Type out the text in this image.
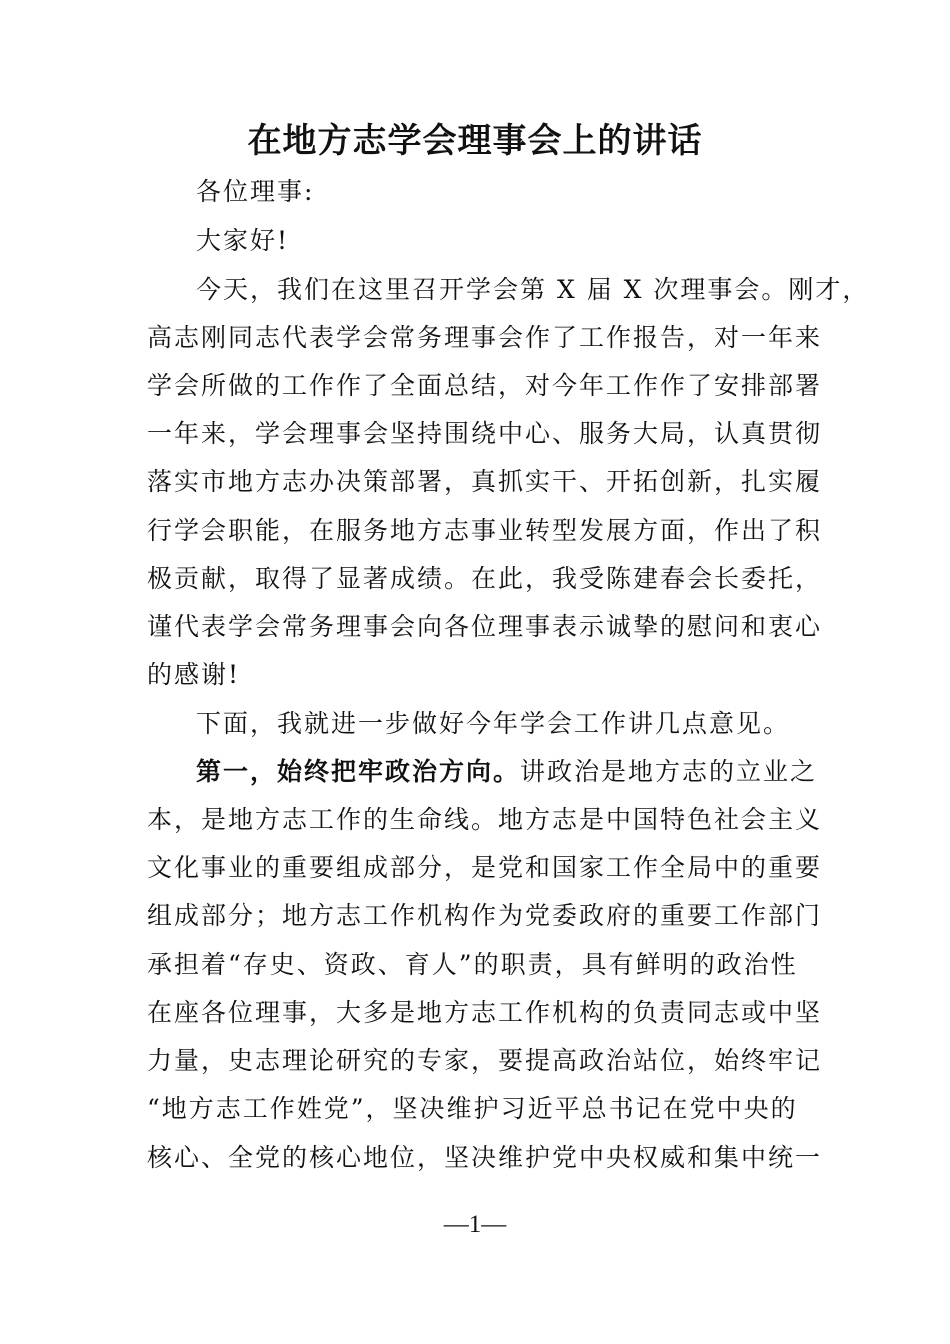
在地方志学会理事会上的讲话
各位理事:
大家好!
今天，我们在这里召开学会第 X 届 X 次理事会。刚才，
高志刚同志代表学会常务理事会作了工作报告，对一年来
学会所做的工作作了全面总结，对今年工作作了安排部署
一年来，学会理事会坚持围绕中心、服务大局，认真贯彻
落实市地方志办决策部署，真抓实干、开拓创新，扎实履
行学会职能，在服务地方志事业转型发展方面，作出了积
极贡献，取得了显著成绩。在此，我受陈建春会长委托，
谨代表学会常务理事会向各位理事表示诚挚的慰问和衷心
的感谢!
下面，我就进一步做好今年学会工作讲几点意见。
第一，始终把牢政治方向。讲政治是地方志的立业之
本，是地方志工作的生命线。地方志是中国特色社会主义
文化事业的重要组成部分，是党和国家工作全局中的重要
组成部分；地方志工作机构作为党委政府的重要工作部门
承担着“存史、资政、育人”的职责，具有鲜明的政治性
在座各位理事，大多是地方志工作机构的负责同志或中坚
力量，史志理论研究的专家，要提高政治站位，始终牢记
“地方志工作姓党”，坚决维护习近平总书记在党中央的
核心、全党的核心地位，坚决维护党中央权威和集中统一
—1—
